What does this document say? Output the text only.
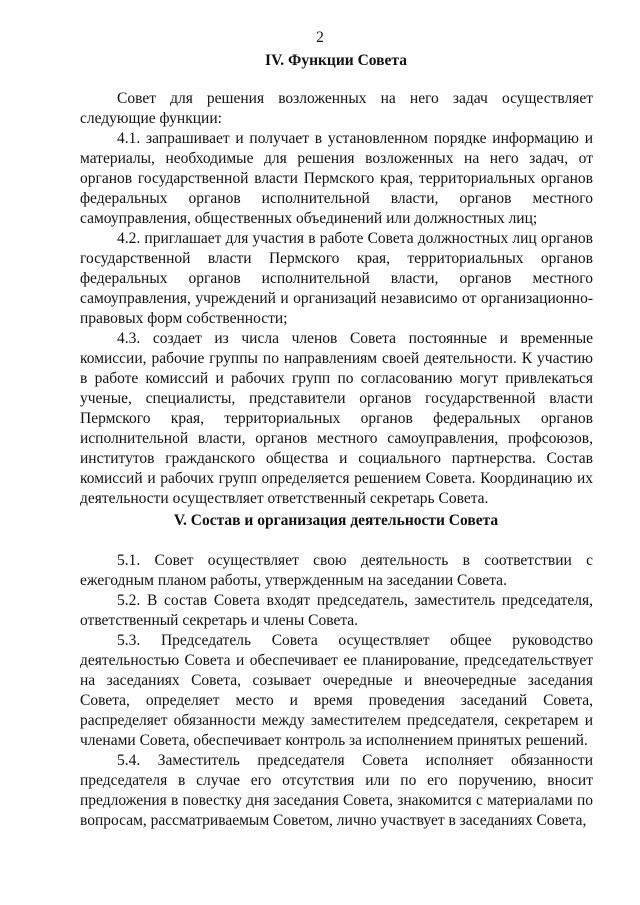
2
IV. Функции Совета

Совет для решения возложенных на него задач осуществляет следующие функции:

4.1. запрашивает и получает в установленном порядке информацию и материалы, необходимые для решения возложенных на него задач, от органов государственной власти Пермского края, территориальных органов федеральных органов исполнительной власти, органов местного самоуправления, общественных объединений или должностных лиц;

4.2. приглашает для участия в работе Совета должностных лиц органов государственной власти Пермского края, территориальных органов федеральных органов исполнительной власти, органов местного самоуправления, учреждений и организаций независимо от организационно-правовых форм собственности;

4.3. создает из числа членов Совета постоянные и временные комиссии, рабочие группы по направлениям своей деятельности. К участию в работе комиссий и рабочих групп по согласованию могут привлекаться ученые, специалисты, представители органов государственной власти Пермского края, территориальных органов федеральных органов исполнительной власти, органов местного самоуправления, профсоюзов, институтов гражданского общества и социального партнерства. Состав комиссий и рабочих групп определяется решением Совета. Координацию их деятельности осуществляет ответственный секретарь Совета.

V. Состав и организация деятельности Совета

5.1. Совет осуществляет свою деятельность в соответствии с ежегодным планом работы, утвержденным на заседании Совета.

5.2. В состав Совета входят председатель, заместитель председателя, ответственный секретарь и члены Совета.

5.3. Председатель Совета осуществляет общее руководство деятельностью Совета и обеспечивает ее планирование, председательствует на заседаниях Совета, созывает очередные и внеочередные заседания Совета, определяет место и время проведения заседаний Совета, распределяет обязанности между заместителем председателя, секретарем и членами Совета, обеспечивает контроль за исполнением принятых решений.

5.4. Заместитель председателя Совета исполняет обязанности председателя в случае его отсутствия или по его поручению, вносит предложения в повестку дня заседания Совета, знакомится с материалами по вопросам, рассматриваемым Советом, лично участвует в заседаниях Совета,
